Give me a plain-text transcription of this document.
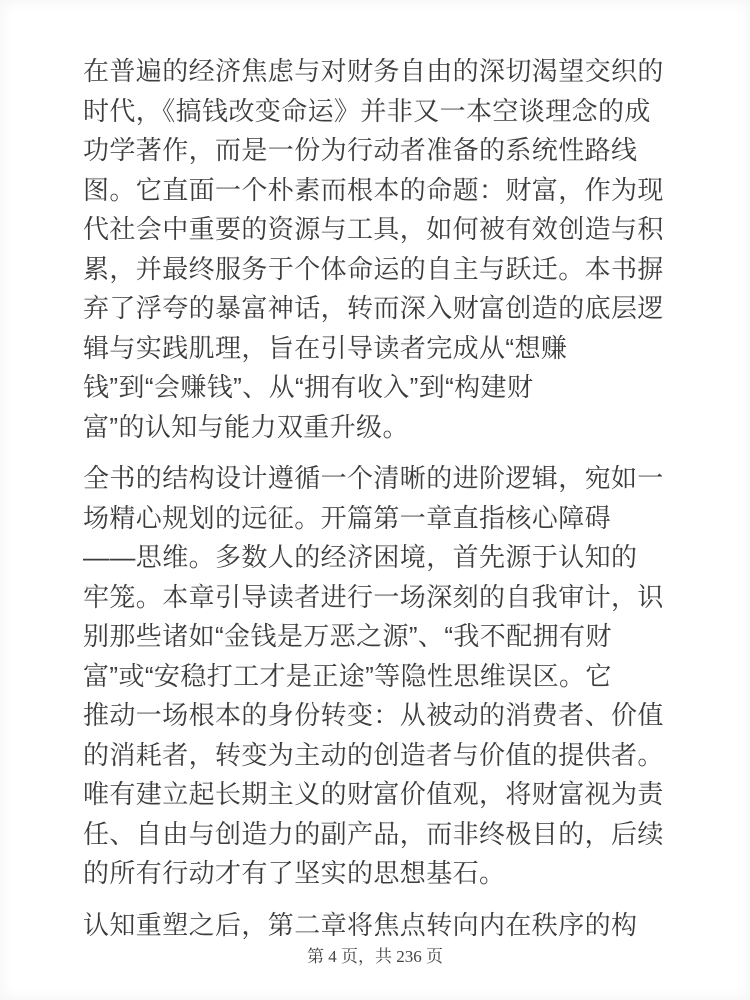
在普遍的经济焦虑与对财务自由的深切渴望交织的
时代，《搞钱改变命运》并非又一本空谈理念的成
功学著作，而是一份为行动者准备的系统性路线
图。它直面一个朴素而根本的命题：财富，作为现
代社会中重要的资源与工具，如何被有效创造与积
累，并最终服务于个体命运的自主与跃迁。本书摒
弃了浮夸的暴富神话，转而深入财富创造的底层逻
辑与实践肌理，旨在引导读者完成从“想赚
钱”到“会赚钱”、从“拥有收入”到“构建财
富”的认知与能力双重升级。

全书的结构设计遵循一个清晰的进阶逻辑，宛如一
场精心规划的远征。开篇第一章直指核心障碍
——思维。多数人的经济困境，首先源于认知的
牢笼。本章引导读者进行一场深刻的自我审计，识
别那些诸如“金钱是万恶之源”、“我不配拥有财
富”或“安稳打工才是正途”等隐性思维误区。它
推动一场根本的身份转变：从被动的消费者、价值
的消耗者，转变为主动的创造者与价值的提供者。
唯有建立起长期主义的财富价值观，将财富视为责
任、自由与创造力的副产品，而非终极目的，后续
的所有行动才有了坚实的思想基石。

认知重塑之后，第二章将焦点转向内在秩序的构

第 4 页，共 236 页
